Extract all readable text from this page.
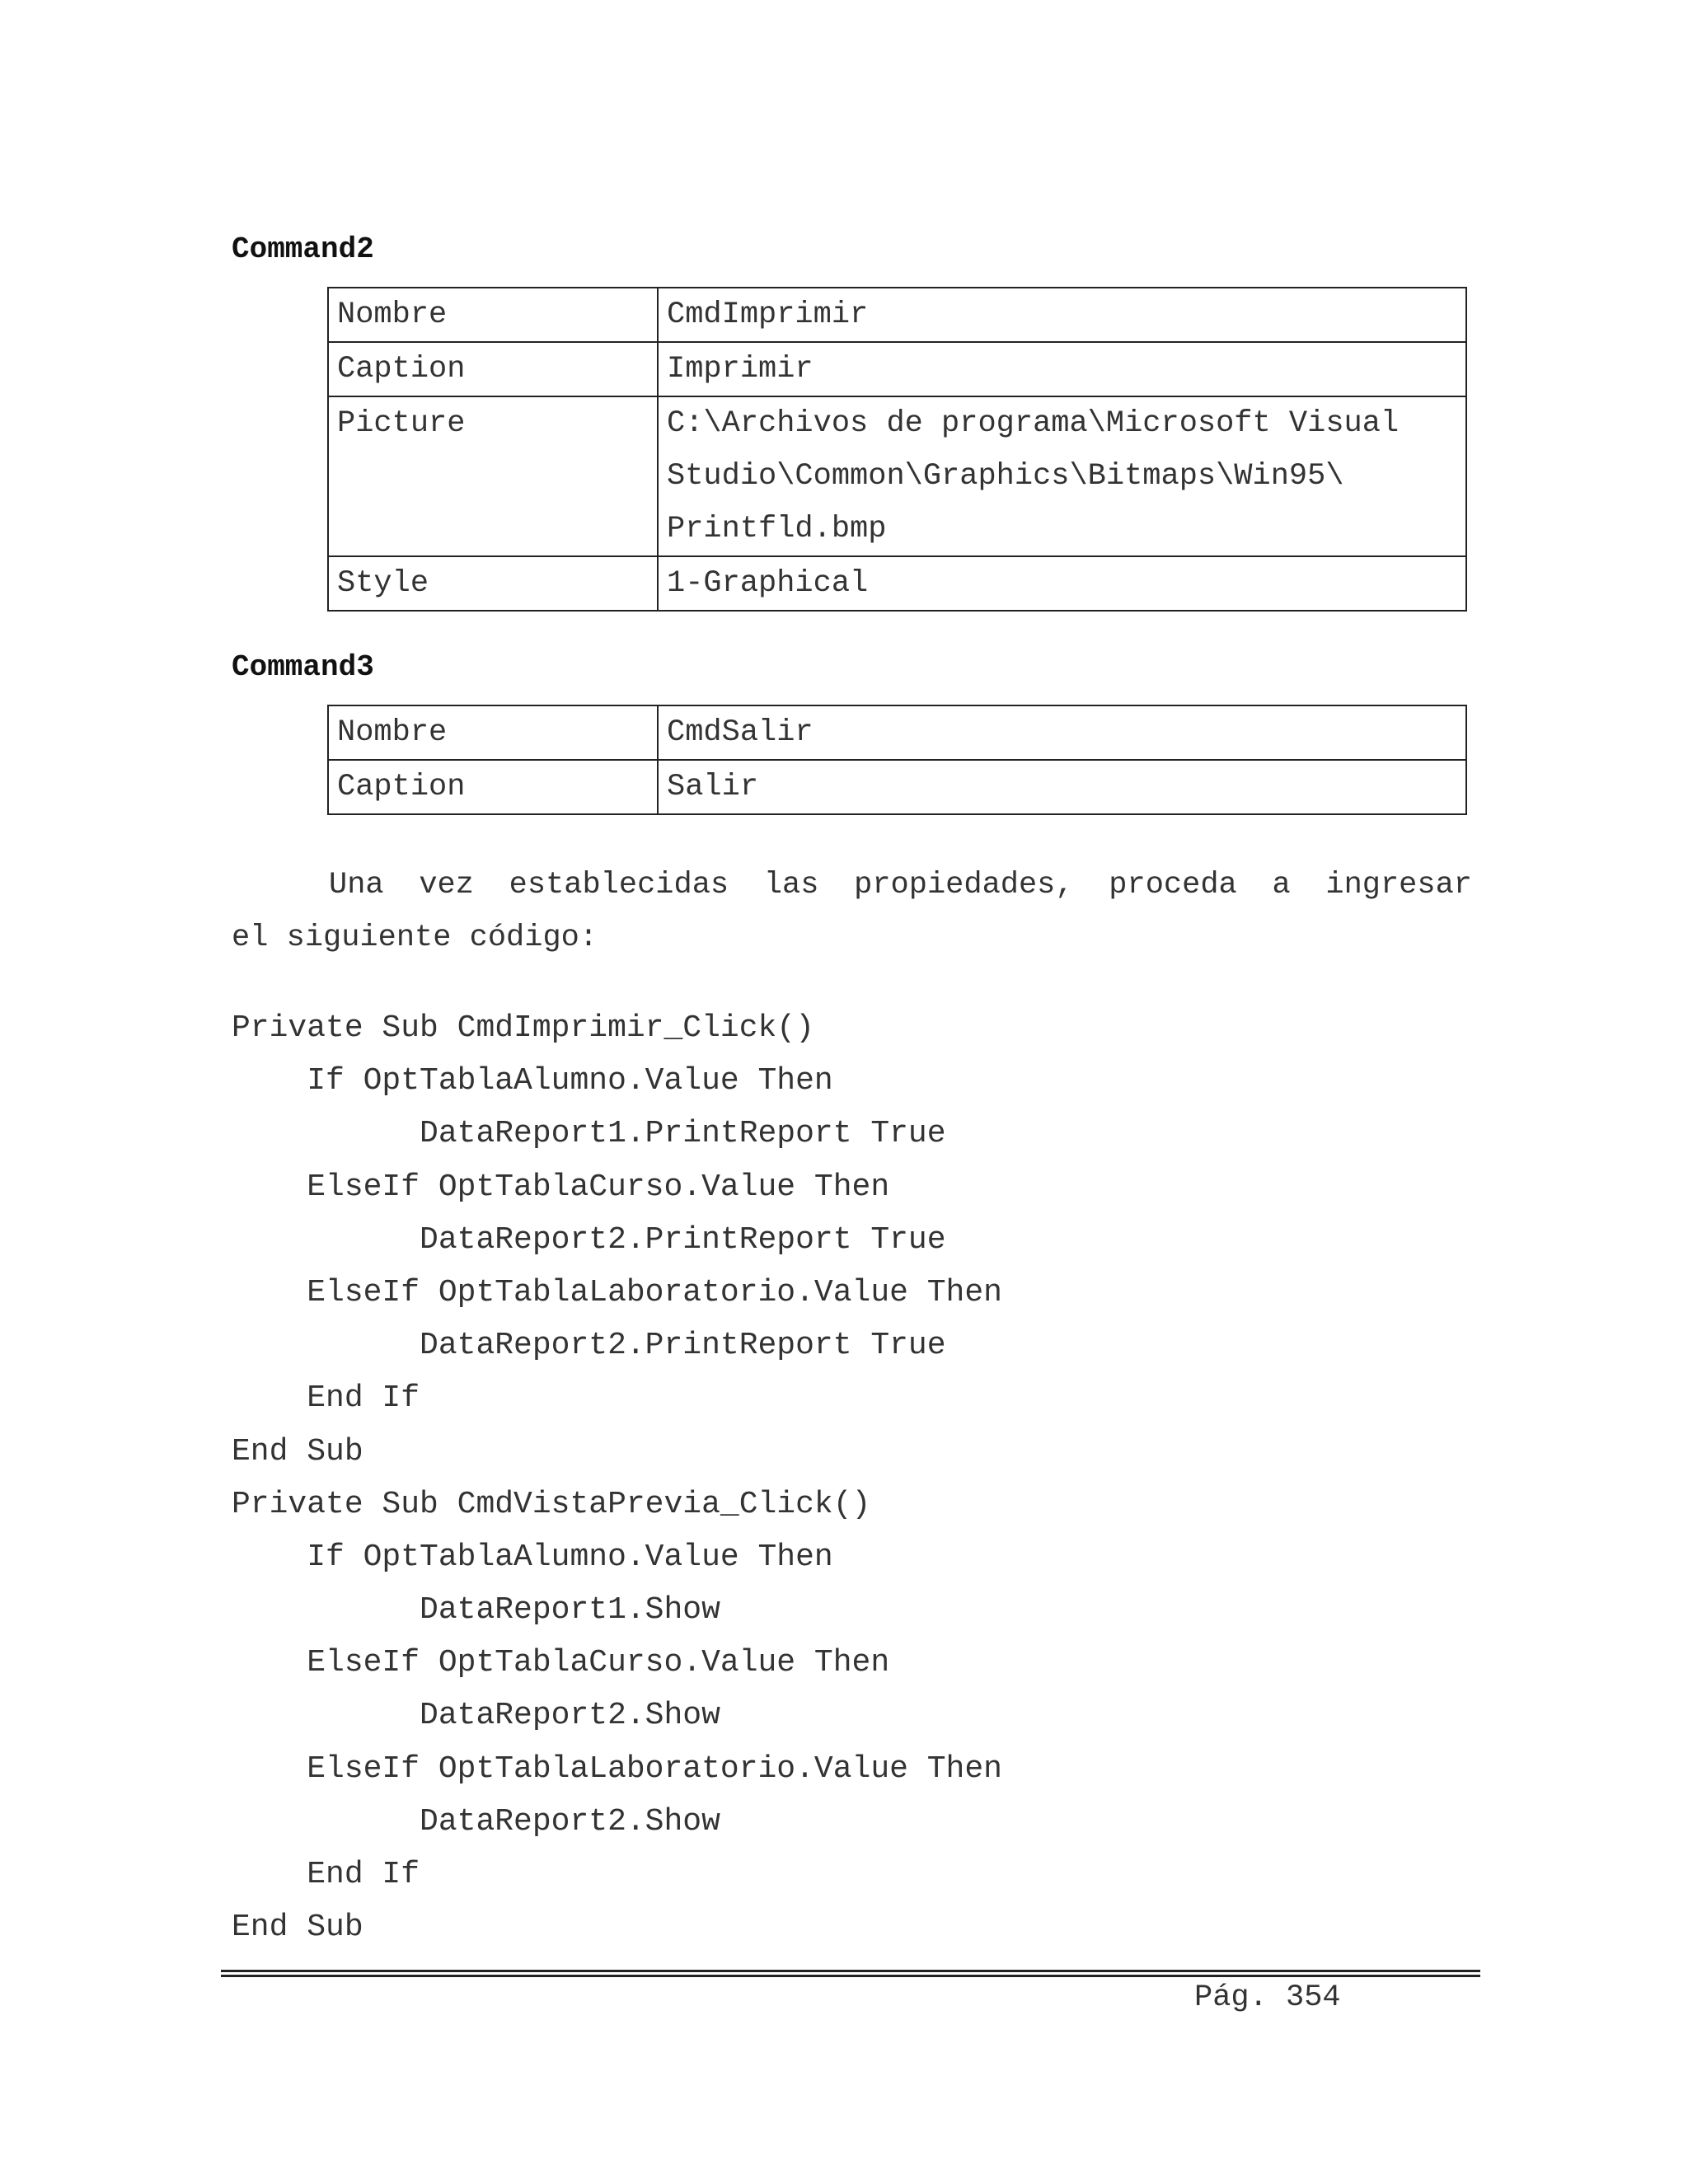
Command2
Nombre	CmdImprimir
Caption	Imprimir
Picture	C:\Archivos de programa\Microsoft Visual
Studio\Common\Graphics\Bitmaps\Win95\
Printfld.bmp
Style	1-Graphical
Command3
Nombre	CmdSalir
Caption	Salir
Una vez establecidas las propiedades, proceda a ingresar
el siguiente código:
Private Sub CmdImprimir_Click()
If OptTablaAlumno.Value Then
DataReport1.PrintReport True
ElseIf OptTablaCurso.Value Then
DataReport2.PrintReport True
ElseIf OptTablaLaboratorio.Value Then
DataReport2.PrintReport True
End If
End Sub
Private Sub CmdVistaPrevia_Click()
If OptTablaAlumno.Value Then
DataReport1.Show
ElseIf OptTablaCurso.Value Then
DataReport2.Show
ElseIf OptTablaLaboratorio.Value Then
DataReport2.Show
End If
End Sub
Pág. 354
